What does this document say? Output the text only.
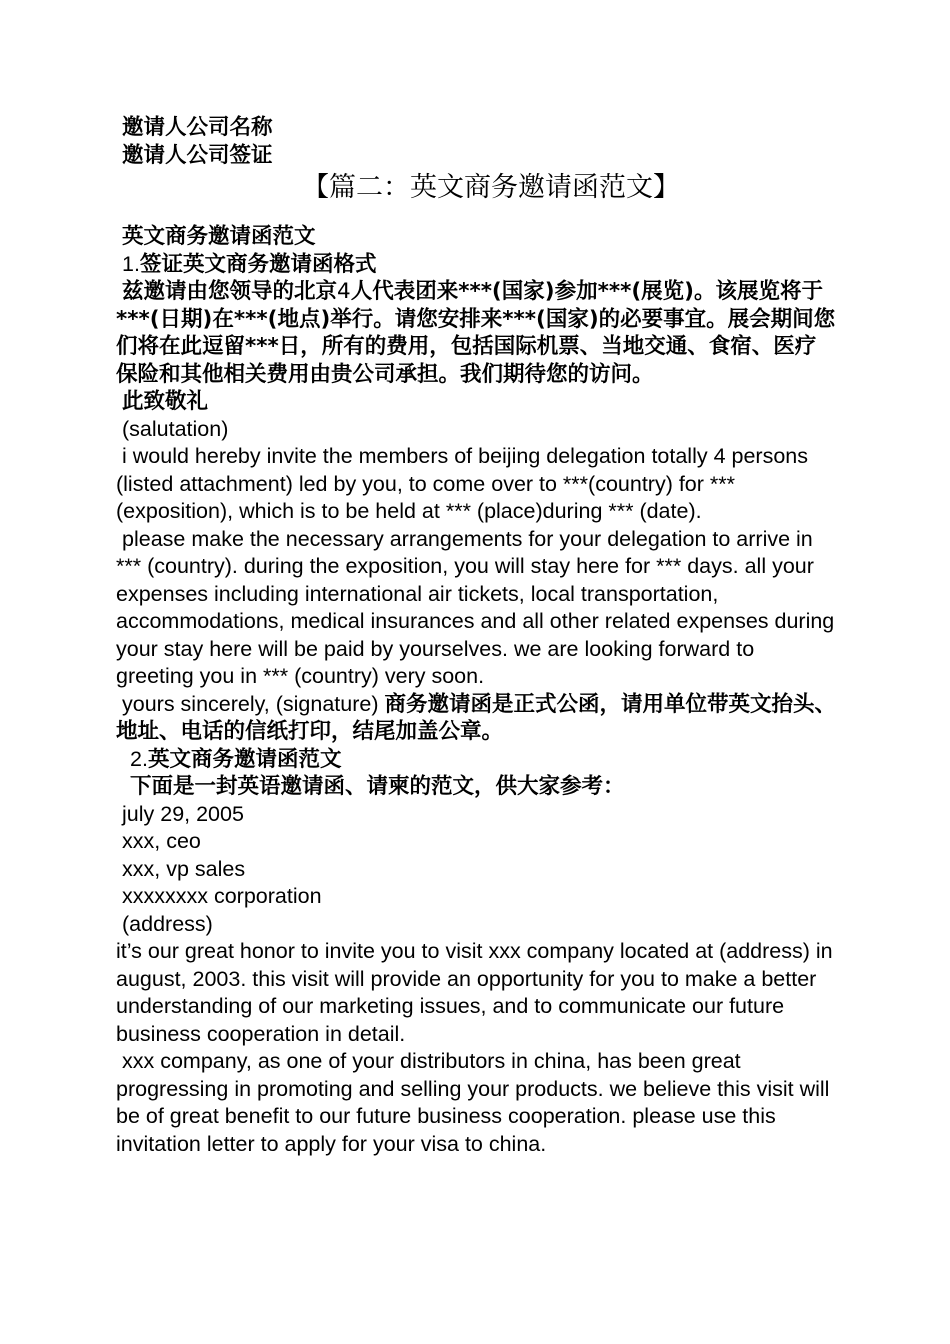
邀请人公司名称
邀请人公司签证
【篇二：英文商务邀请函范文】
英文商务邀请函范文
1.签证英文商务邀请函格式
兹邀请由您领导的北京4人代表团来***(国家)参加***(展览)。该展览将于***(日期)在***(地点)举行。请您安排来***(国家)的必要事宜。展会期间您们将在此逗留***日，所有的费用，包括国际机票、当地交通、食宿、医疗保险和其他相关费用由贵公司承担。我们期待您的访问。
此致敬礼
(salutation)
i would hereby invite the members of beijing delegation totally 4 persons (listed attachment) led by you, to come over to ***(country) for *** (exposition), which is to be held at *** (place)during *** (date).
please make the necessary arrangements for your delegation to arrive in *** (country). during the exposition, you will stay here for *** days. all your expenses including international air tickets, local transportation, accommodations, medical insurances and all other related expenses during your stay here will be paid by yourselves. we are looking forward to greeting you in *** (country) very soon.
yours sincerely, (signature) 商务邀请函是正式公函，请用单位带英文抬头、地址、电话的信纸打印，结尾加盖公章。
2.英文商务邀请函范文
下面是一封英语邀请函、请柬的范文，供大家参考：
july 29, 2005
xxx, ceo
xxx, vp sales
xxxxxxxx corporation
(address)
it’s our great honor to invite you to visit xxx company located at (address) in august, 2003. this visit will provide an opportunity for you to make a better understanding of our marketing issues, and to communicate our future business cooperation in detail.
xxx company, as one of your distributors in china, has been great progressing in promoting and selling your products. we believe this visit will be of great benefit to our future business cooperation. please use this invitation letter to apply for your visa to china.
